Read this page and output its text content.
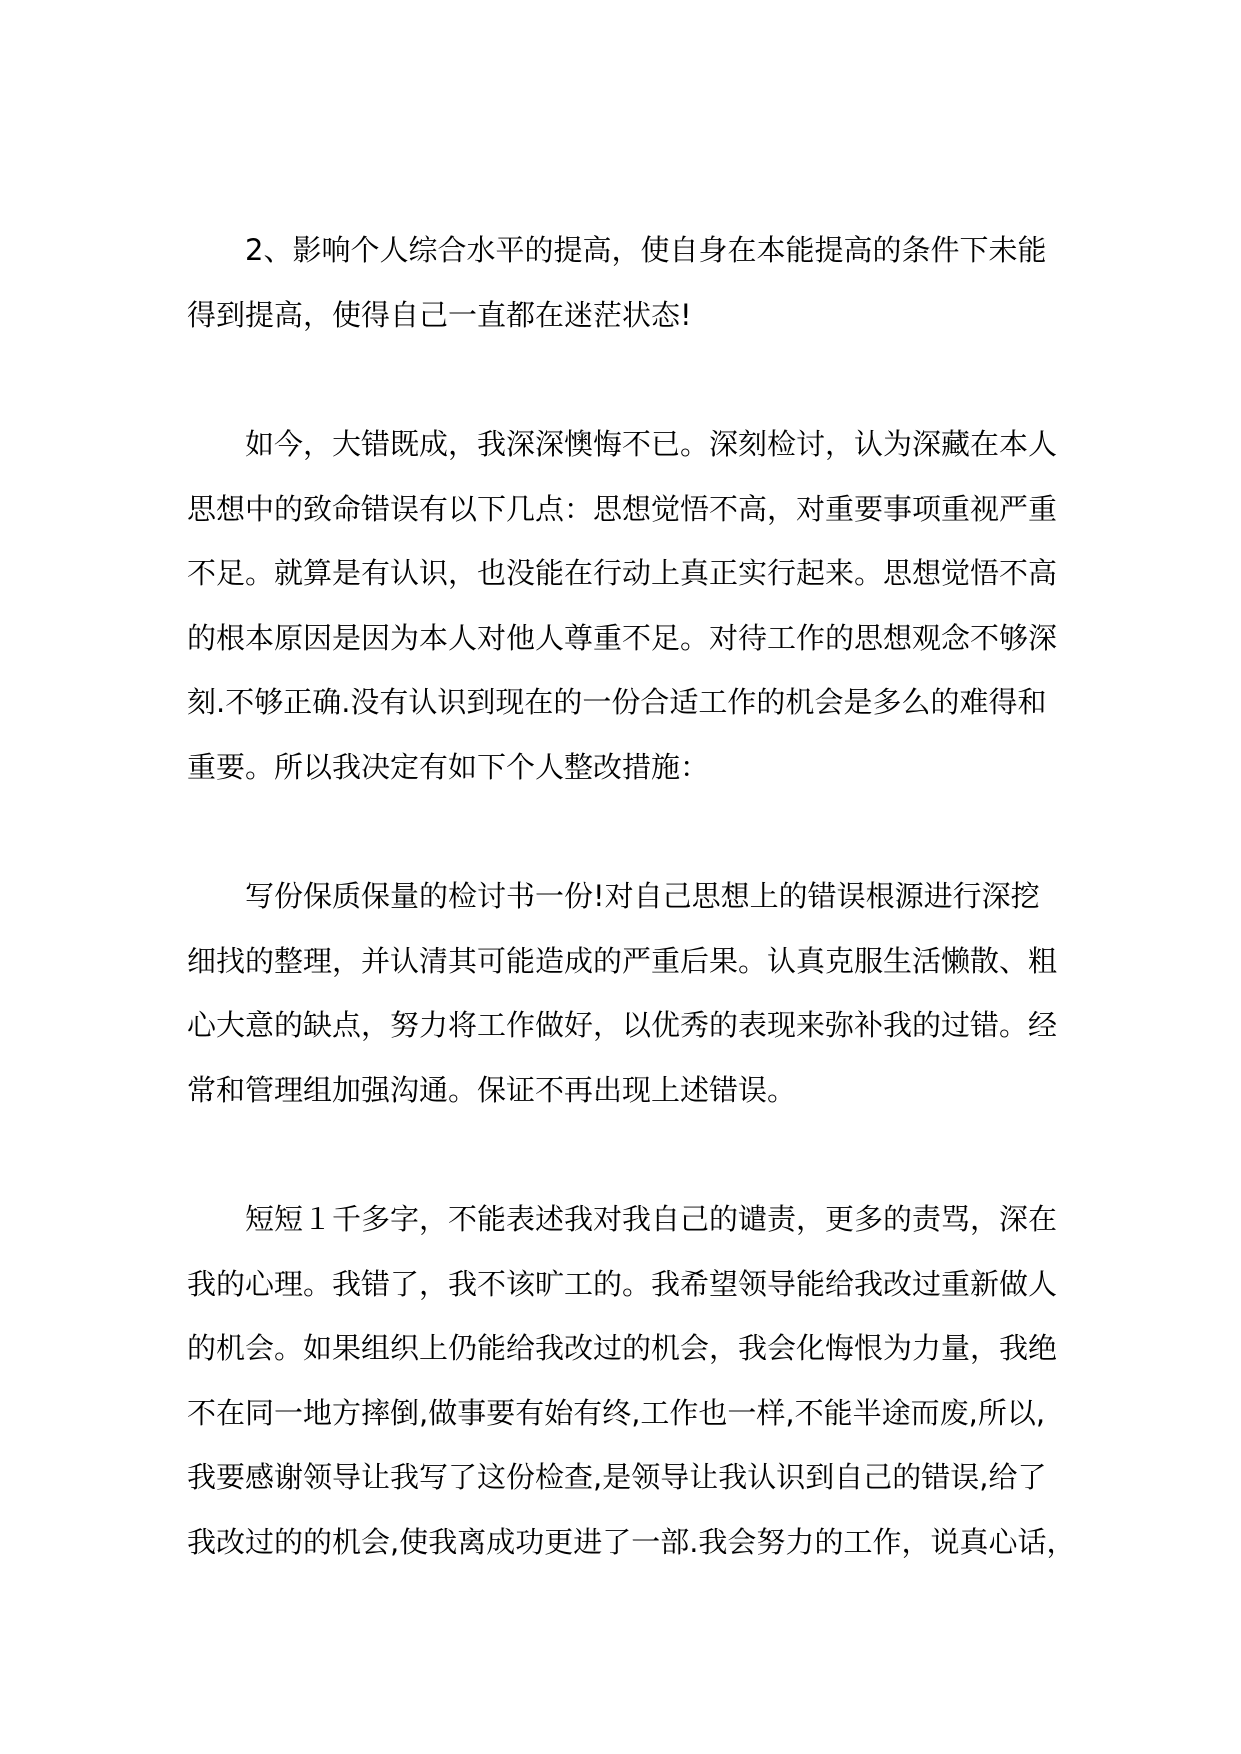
2、影响个人综合水平的提高，使自身在本能提高的条件下未能
得到提高，使得自己一直都在迷茫状态!

如今，大错既成，我深深懊悔不已。深刻检讨，认为深藏在本人
思想中的致命错误有以下几点：思想觉悟不高，对重要事项重视严重
不足。就算是有认识，也没能在行动上真正实行起来。思想觉悟不高
的根本原因是因为本人对他人尊重不足。对待工作的思想观念不够深
刻.不够正确.没有认识到现在的一份合适工作的机会是多么的难得和
重要。所以我决定有如下个人整改措施：

写份保质保量的检讨书一份!对自己思想上的错误根源进行深挖
细找的整理，并认清其可能造成的严重后果。认真克服生活懒散、粗
心大意的缺点，努力将工作做好，以优秀的表现来弥补我的过错。经
常和管理组加强沟通。保证不再出现上述错误。

短短１千多字，不能表述我对我自己的谴责，更多的责骂，深在
我的心理。我错了，我不该旷工的。我希望领导能给我改过重新做人
的机会。如果组织上仍能给我改过的机会，我会化悔恨为力量，我绝
不在同一地方摔倒,做事要有始有终,工作也一样,不能半途而废,所以,
我要感谢领导让我写了这份检查,是领导让我认识到自己的错误,给了
我改过的的机会,使我离成功更进了一部.我会努力的工作，说真心话，
